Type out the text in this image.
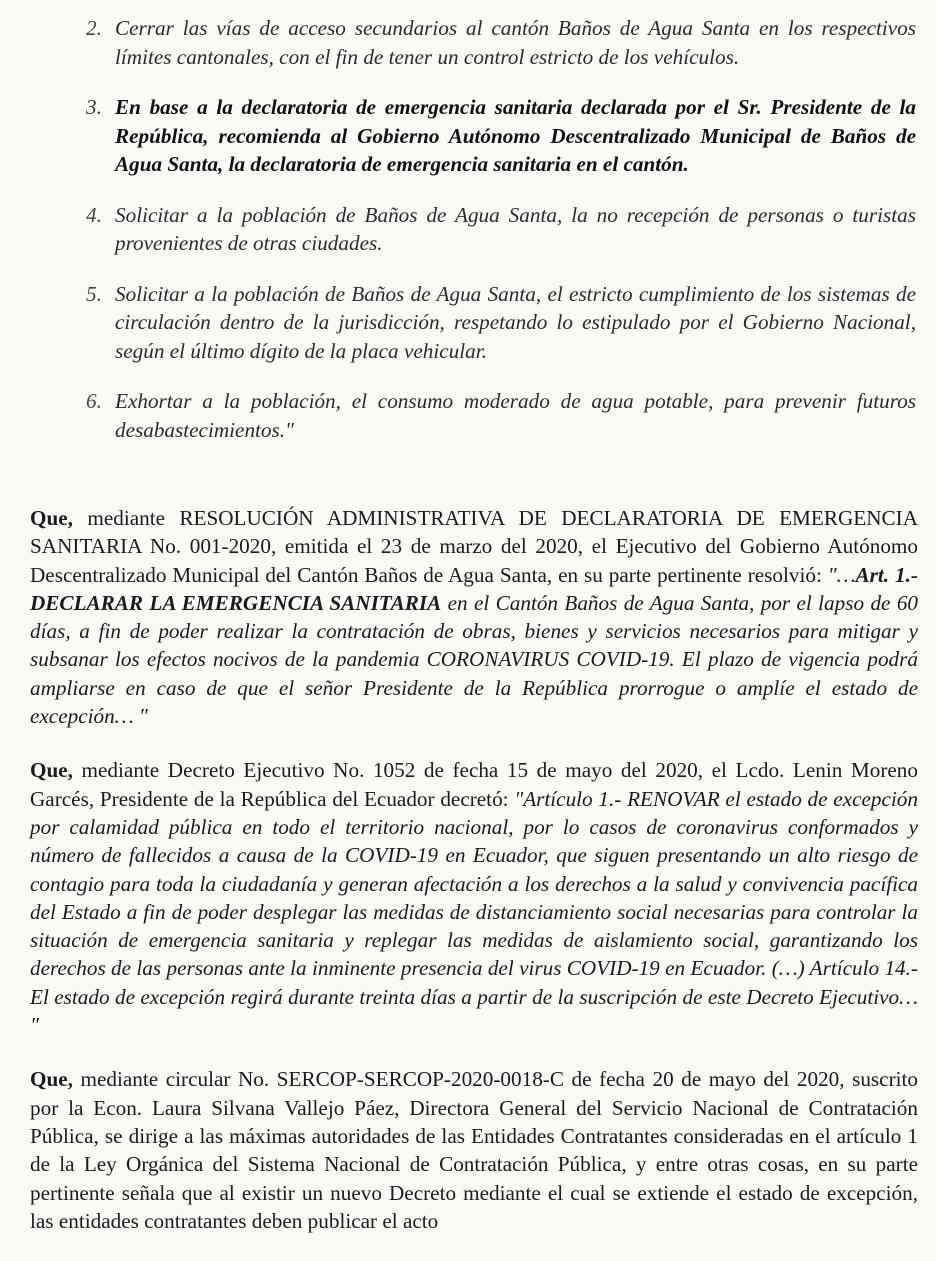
2. Cerrar las vías de acceso secundarios al cantón Baños de Agua Santa en los respectivos límites cantonales, con el fin de tener un control estricto de los vehículos.
3. En base a la declaratoria de emergencia sanitaria declarada por el Sr. Presidente de la República, recomienda al Gobierno Autónomo Descentralizado Municipal de Baños de Agua Santa, la declaratoria de emergencia sanitaria en el cantón.
4. Solicitar a la población de Baños de Agua Santa, la no recepción de personas o turistas provenientes de otras ciudades.
5. Solicitar a la población de Baños de Agua Santa, el estricto cumplimiento de los sistemas de circulación dentro de la jurisdicción, respetando lo estipulado por el Gobierno Nacional, según el último dígito de la placa vehicular.
6. Exhortar a la población, el consumo moderado de agua potable, para prevenir futuros desabastecimientos."

Que, mediante RESOLUCIÓN ADMINISTRATIVA DE DECLARATORIA DE EMERGENCIA SANITARIA No. 001-2020, emitida el 23 de marzo del 2020, el Ejecutivo del Gobierno Autónomo Descentralizado Municipal del Cantón Baños de Agua Santa, en su parte pertinente resolvió: "…Art. 1.- DECLARAR LA EMERGENCIA SANITARIA en el Cantón Baños de Agua Santa, por el lapso de 60 días, a fin de poder realizar la contratación de obras, bienes y servicios necesarios para mitigar y subsanar los efectos nocivos de la pandemia CORONAVIRUS COVID-19. El plazo de vigencia podrá ampliarse en caso de que el señor Presidente de la República prorrogue o amplíe el estado de excepción… "

Que, mediante Decreto Ejecutivo No. 1052 de fecha 15 de mayo del 2020, el Lcdo. Lenin Moreno Garcés, Presidente de la República del Ecuador decretó: "Artículo 1.- RENOVAR el estado de excepción por calamidad pública en todo el territorio nacional, por lo casos de coronavirus conformados y número de fallecidos a causa de la COVID-19 en Ecuador, que siguen presentando un alto riesgo de contagio para toda la ciudadanía y generan afectación a los derechos a la salud y convivencia pacífica del Estado a fin de poder desplegar las medidas de distanciamiento social necesarias para controlar la situación de emergencia sanitaria y replegar las medidas de aislamiento social, garantizando los derechos de las personas ante la inminente presencia del virus COVID-19 en Ecuador. (…) Artículo 14.- El estado de excepción regirá durante treinta días a partir de la suscripción de este Decreto Ejecutivo… "

Que, mediante circular No. SERCOP-SERCOP-2020-0018-C de fecha 20 de mayo del 2020, suscrito por la Econ. Laura Silvana Vallejo Páez, Directora General del Servicio Nacional de Contratación Pública, se dirige a las máximas autoridades de las Entidades Contratantes consideradas en el artículo 1 de la Ley Orgánica del Sistema Nacional de Contratación Pública, y entre otras cosas, en su parte pertinente señala que al existir un nuevo Decreto mediante el cual se extiende el estado de excepción, las entidades contratantes deben publicar el acto
